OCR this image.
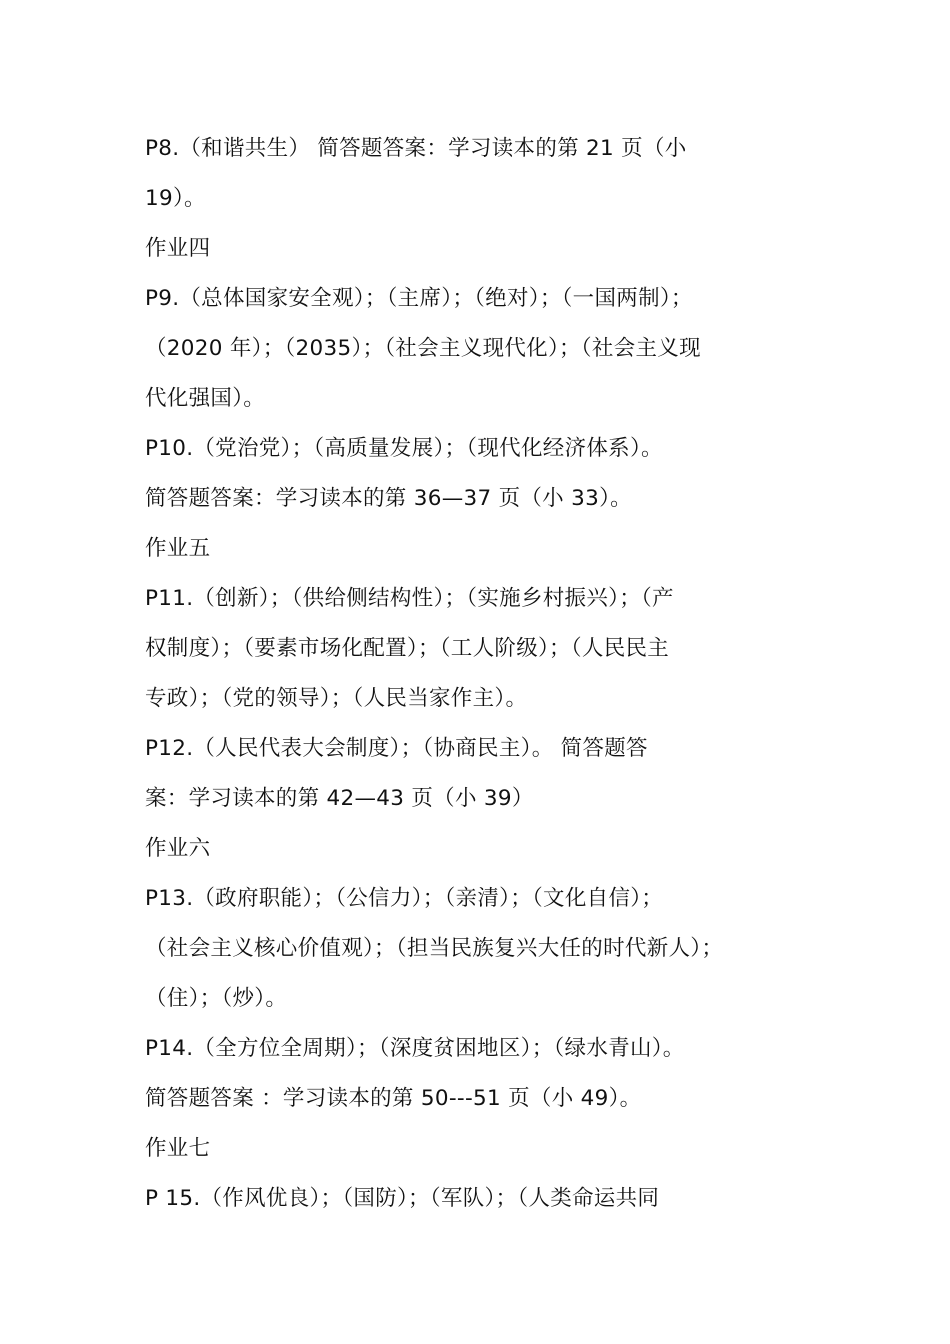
P8.（和谐共生） 简答题答案：学习读本的第 21 页（小
19）。
作业四
P9.（总体国家安全观）；（主席）；（绝对）；（一国两制）；
（2020 年）；（2035）；（社会主义现代化）；（社会主义现
代化强国）。
P10.（党治党）；（高质量发展）；（现代化经济体系）。
简答题答案：学习读本的第 36—37 页（小 33）。
作业五
P11.（创新）；（供给侧结构性）；（实施乡村振兴）；（产
权制度）；（要素市场化配置）；（工人阶级）；（人民民主
专政）；（党的领导）；（人民当家作主）。
P12.（人民代表大会制度）；（协商民主）。 简答题答
案：学习读本的第 42—43 页（小 39）
作业六
P13.（政府职能）；（公信力）；（亲清）；（文化自信）；
（社会主义核心价值观）；（担当民族复兴大任的时代新人）；
（住）；（炒）。
P14.（全方位全周期）；（深度贫困地区）；（绿水青山）。
简答题答案 ：学习读本的第 50---51 页（小 49）。
作业七
P 15.（作风优良）；（国防）；（军队）；（人类命运共同
